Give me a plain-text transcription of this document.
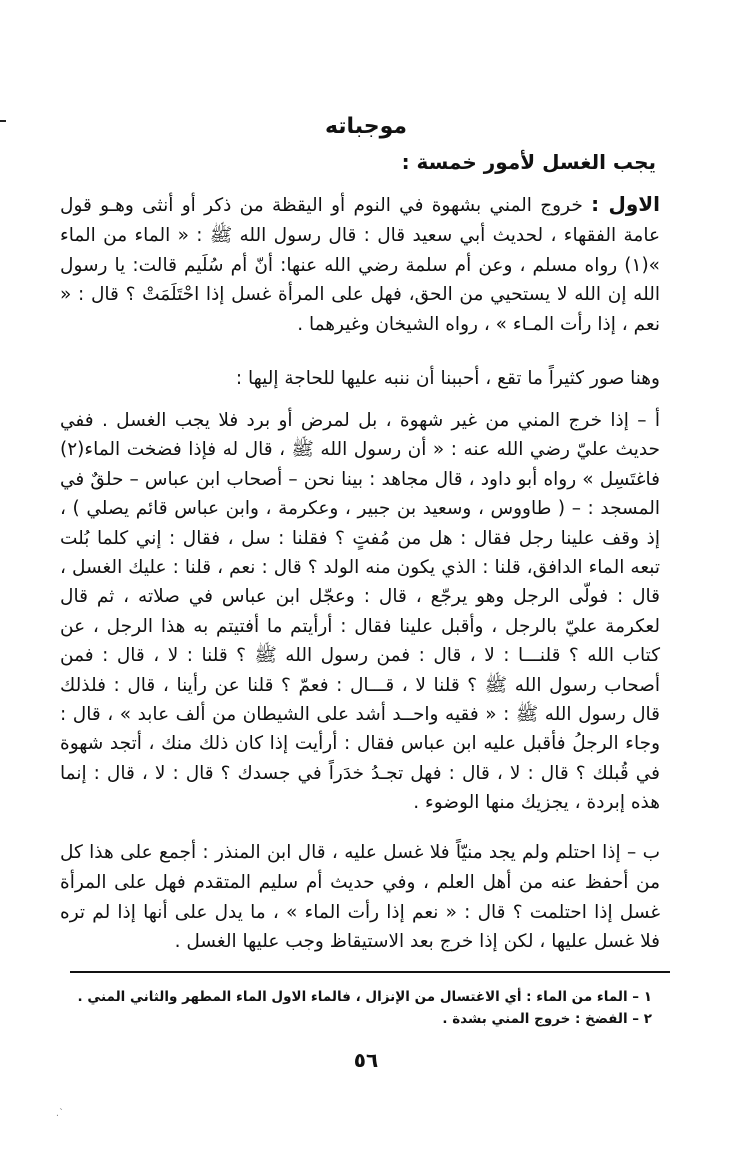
موجباته
يجب الغسل لأمور خمسة :

الاول : خروج المني بشهوة في النوم أو اليقظة من ذكر أو أنثى وهـو قول عامة الفقهاء ، لحديث أبي سعيد قال : قال رسول الله ﷺ : « الماء من الماء »(١) رواه مسلم ، وعن أم سلمة رضي الله عنها: أنّ أم سُلَيم قالت: يا رسول الله إن الله لا يستحيي من الحق، فهل على المرأة غسل إذا احْتَلَمَتْ ؟ قال : « نعم ، إذا رأت المـاء » ، رواه الشيخان وغيرهما .

وهنا صور كثيراً ما تقع ، أحببنا أن ننبه عليها للحاجة إليها :

أ – إذا خرج المني من غير شهوة ، بل لمرض أو برد فلا يجب الغسل . ففي حديث عليّ رضي الله عنه : « أن رسول الله ﷺ ، قال له فإذا فضخت الماء(٢) فاغتَسِل » رواه أبو داود ، قال مجاهد : بينا نحن – أصحاب ابن عباس – حلقٌ في المسجد : – ( طاووس ، وسعيد بن جبير ، وعكرمة ، وابن عباس قائم يصلي ) ، إذ وقف علينا رجل فقال : هل من مُفتٍ ؟ فقلنا : سل ، فقال : إني كلما بُلت تبعه الماء الدافق، قلنا : الذي يكون منه الولد ؟ قال : نعم ، قلنا : عليك الغسل ، قال : فولّى الرجل وهو يرجّع ، قال : وعجّل ابن عباس في صلاته ، ثم قال لعكرمة عليّ بالرجل ، وأقبل علينا فقال : أرأيتم ما أفتيتم به هذا الرجل ، عن كتاب الله ؟ قلنـــا : لا ، قال : فمن رسول الله ﷺ ؟ قلنا : لا ، قال : فمن أصحاب رسول الله ﷺ ؟ قلنا لا ، قـــال : فعمّ ؟ قلنا عن رأينا ، قال : فلذلك قال رسول الله ﷺ : « فقيه واحــد أشد على الشيطان من ألف عابد » ، قال : وجاء الرجلُ فأقبل عليه ابن عباس فقال : أرأيت إذا كان ذلك منك ، أتجد شهوة في قُبلك ؟ قال : لا ، قال : فهل تجـدُ خدَراً في جسدك ؟ قال : لا ، قال : إنما هذه إبردة ، يجزيك منها الوضوء .

ب – إذا احتلم ولم يجد منيّاً فلا غسل عليه ، قال ابن المنذر : أجمع على هذا كل من أحفظ عنه من أهل العلم ، وفي حديث أم سليم المتقدم فهل على المرأة غسل إذا احتلمت ؟ قال : « نعم إذا رأت الماء » ، ما يدل على أنها إذا لم تره فلا غسل عليها ، لكن إذا خرج بعد الاستيقاظ وجب عليها الغسل .

١ – الماء من الماء : أي الاغتسال من الإنزال ، فالماء الاول الماء المطهر والثاني المني .
٢ – الفضخ : خروج المني بشدة .
٥٦
`.
